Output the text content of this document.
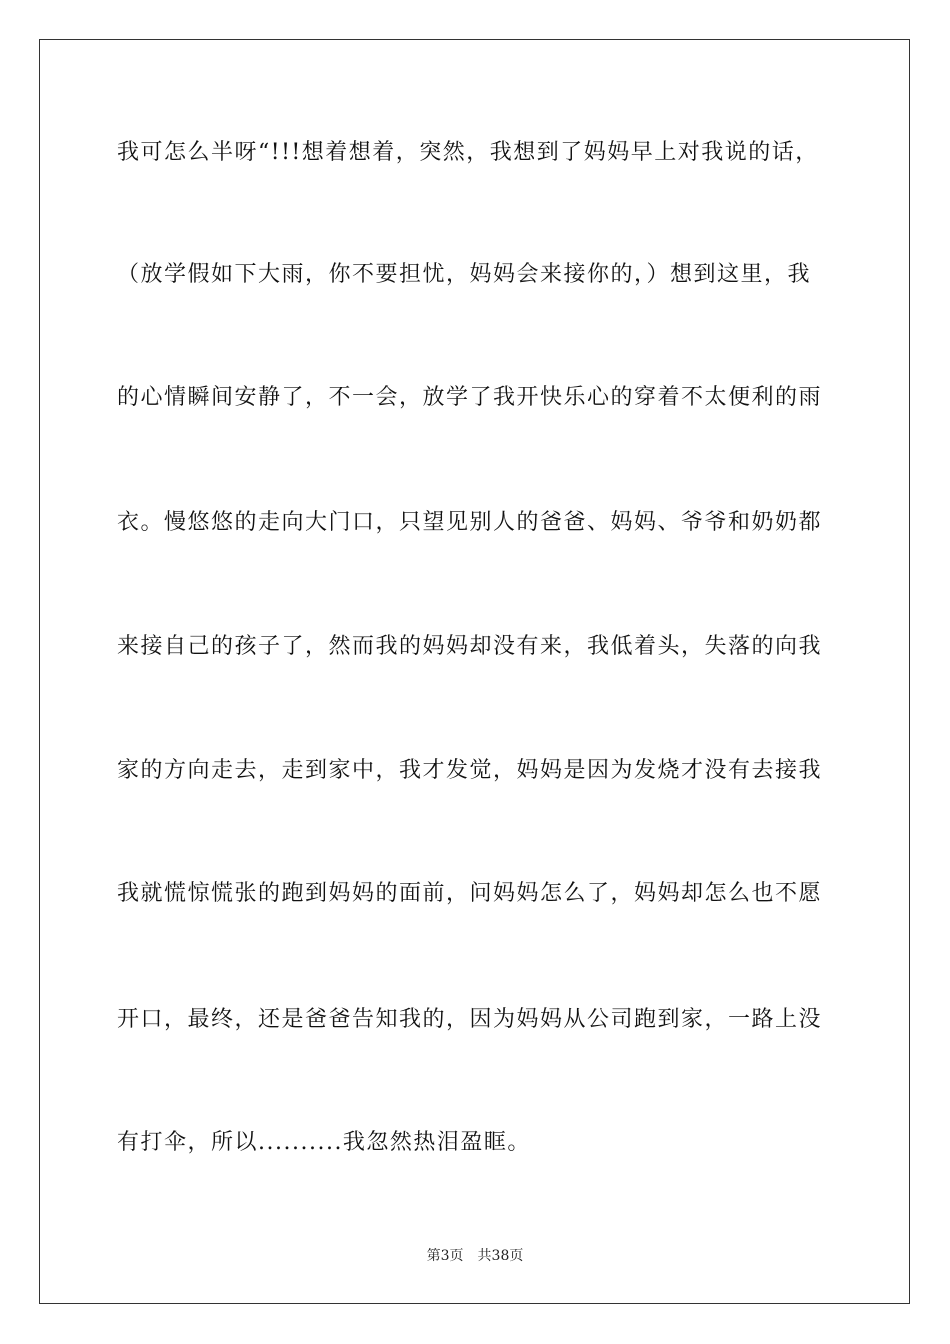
我可怎么半呀“!!!想着想着，突然，我想到了妈妈早上对我说的话，
（放学假如下大雨，你不要担忧，妈妈会来接你的，）想到这里，我
的心情瞬间安静了，不一会，放学了我开快乐心的穿着不太便利的雨
衣。慢悠悠的走向大门口，只望见别人的爸爸、妈妈、爷爷和奶奶都
来接自己的孩子了，然而我的妈妈却没有来，我低着头，失落的向我
家的方向走去，走到家中，我才发觉，妈妈是因为发烧才没有去接我
我就慌惊慌张的跑到妈妈的面前，问妈妈怎么了，妈妈却怎么也不愿
开口，最终，还是爸爸告知我的，因为妈妈从公司跑到家，一路上没
有打伞，所以..........我忽然热泪盈眶。
第3页 共38页
